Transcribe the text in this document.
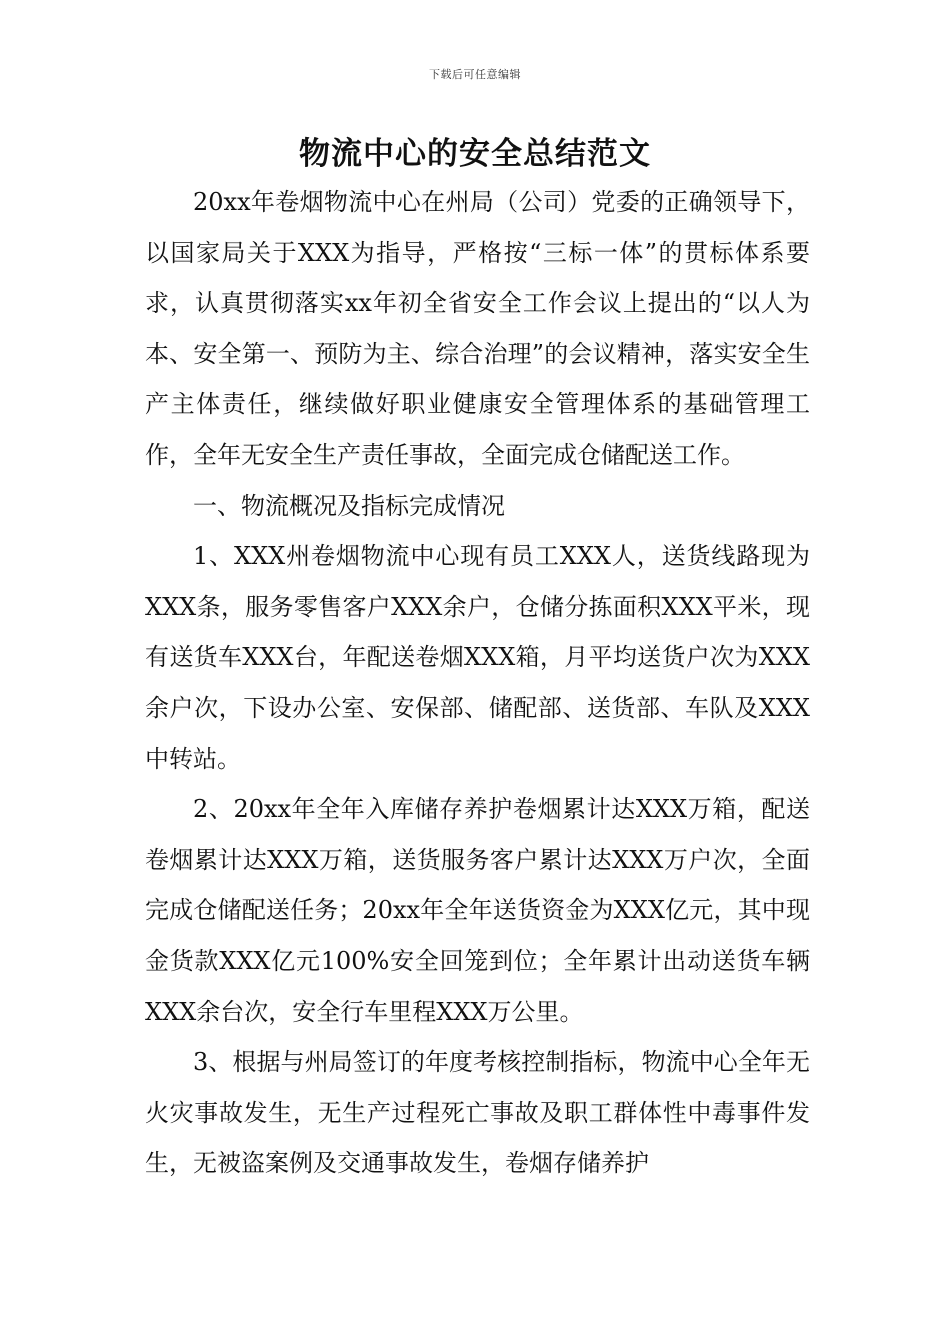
下载后可任意编辑
物流中心的安全总结范文

20xx年卷烟物流中心在州局（公司）党委的正确领导下，以国家局关于XXX为指导，严格按“三标一体”的贯标体系要求，认真贯彻落实xx年初全省安全工作会议上提出的“以人为本、安全第一、预防为主、综合治理”的会议精神，落实安全生产主体责任，继续做好职业健康安全管理体系的基础管理工作，全年无安全生产责任事故，全面完成仓储配送工作。

一、物流概况及指标完成情况

1、XXX州卷烟物流中心现有员工XXX人，送货线路现为XXX条，服务零售客户XXX余户，仓储分拣面积XXX平米，现有送货车XXX台，年配送卷烟XXX箱，月平均送货户次为XXX余户次，下设办公室、安保部、储配部、送货部、车队及XXX中转站。

2、20xx年全年入库储存养护卷烟累计达XXX万箱，配送卷烟累计达XXX万箱，送货服务客户累计达XXX万户次，全面完成仓储配送任务；20xx年全年送货资金为XXX亿元，其中现金货款XXX亿元100%安全回笼到位；全年累计出动送货车辆XXX余台次，安全行车里程XXX万公里。

3、根据与州局签订的年度考核控制指标，物流中心全年无火灾事故发生，无生产过程死亡事故及职工群体性中毒事件发生，无被盗案例及交通事故发生，卷烟存储养护
